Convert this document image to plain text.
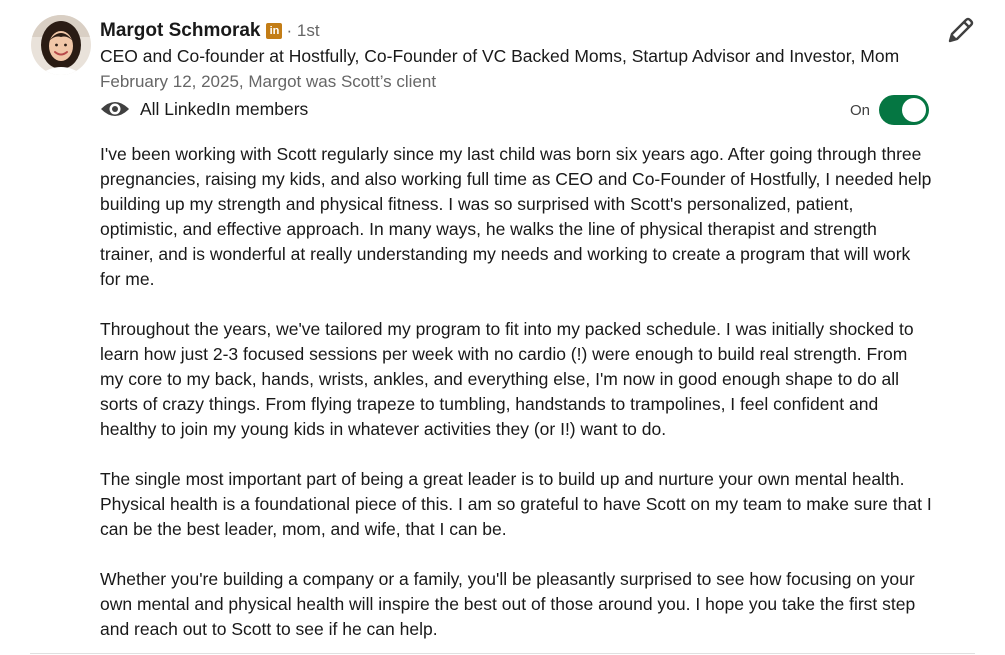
Margot Schmorak in · 1st
CEO and Co-founder at Hostfully, Co-Founder of VC Backed Moms, Startup Advisor and Investor, Mom
February 12, 2025, Margot was Scott’s client
All LinkedIn members	On

I've been working with Scott regularly since my last child was born six years ago. After going through three pregnancies, raising my kids, and also working full time as CEO and Co-Founder of Hostfully, I needed help building up my strength and physical fitness. I was so surprised with Scott's personalized, patient, optimistic, and effective approach. In many ways, he walks the line of physical therapist and strength trainer, and is wonderful at really understanding my needs and working to create a program that will work for me.

Throughout the years, we've tailored my program to fit into my packed schedule. I was initially shocked to learn how just 2-3 focused sessions per week with no cardio (!) were enough to build real strength. From my core to my back, hands, wrists, ankles, and everything else, I'm now in good enough shape to do all sorts of crazy things. From flying trapeze to tumbling, handstands to trampolines, I feel confident and healthy to join my young kids in whatever activities they (or I!) want to do.

The single most important part of being a great leader is to build up and nurture your own mental health. Physical health is a foundational piece of this. I am so grateful to have Scott on my team to make sure that I can be the best leader, mom, and wife, that I can be.

Whether you're building a company or a family, you'll be pleasantly surprised to see how focusing on your own mental and physical health will inspire the best out of those around you. I hope you take the first step and reach out to Scott to see if he can help.
